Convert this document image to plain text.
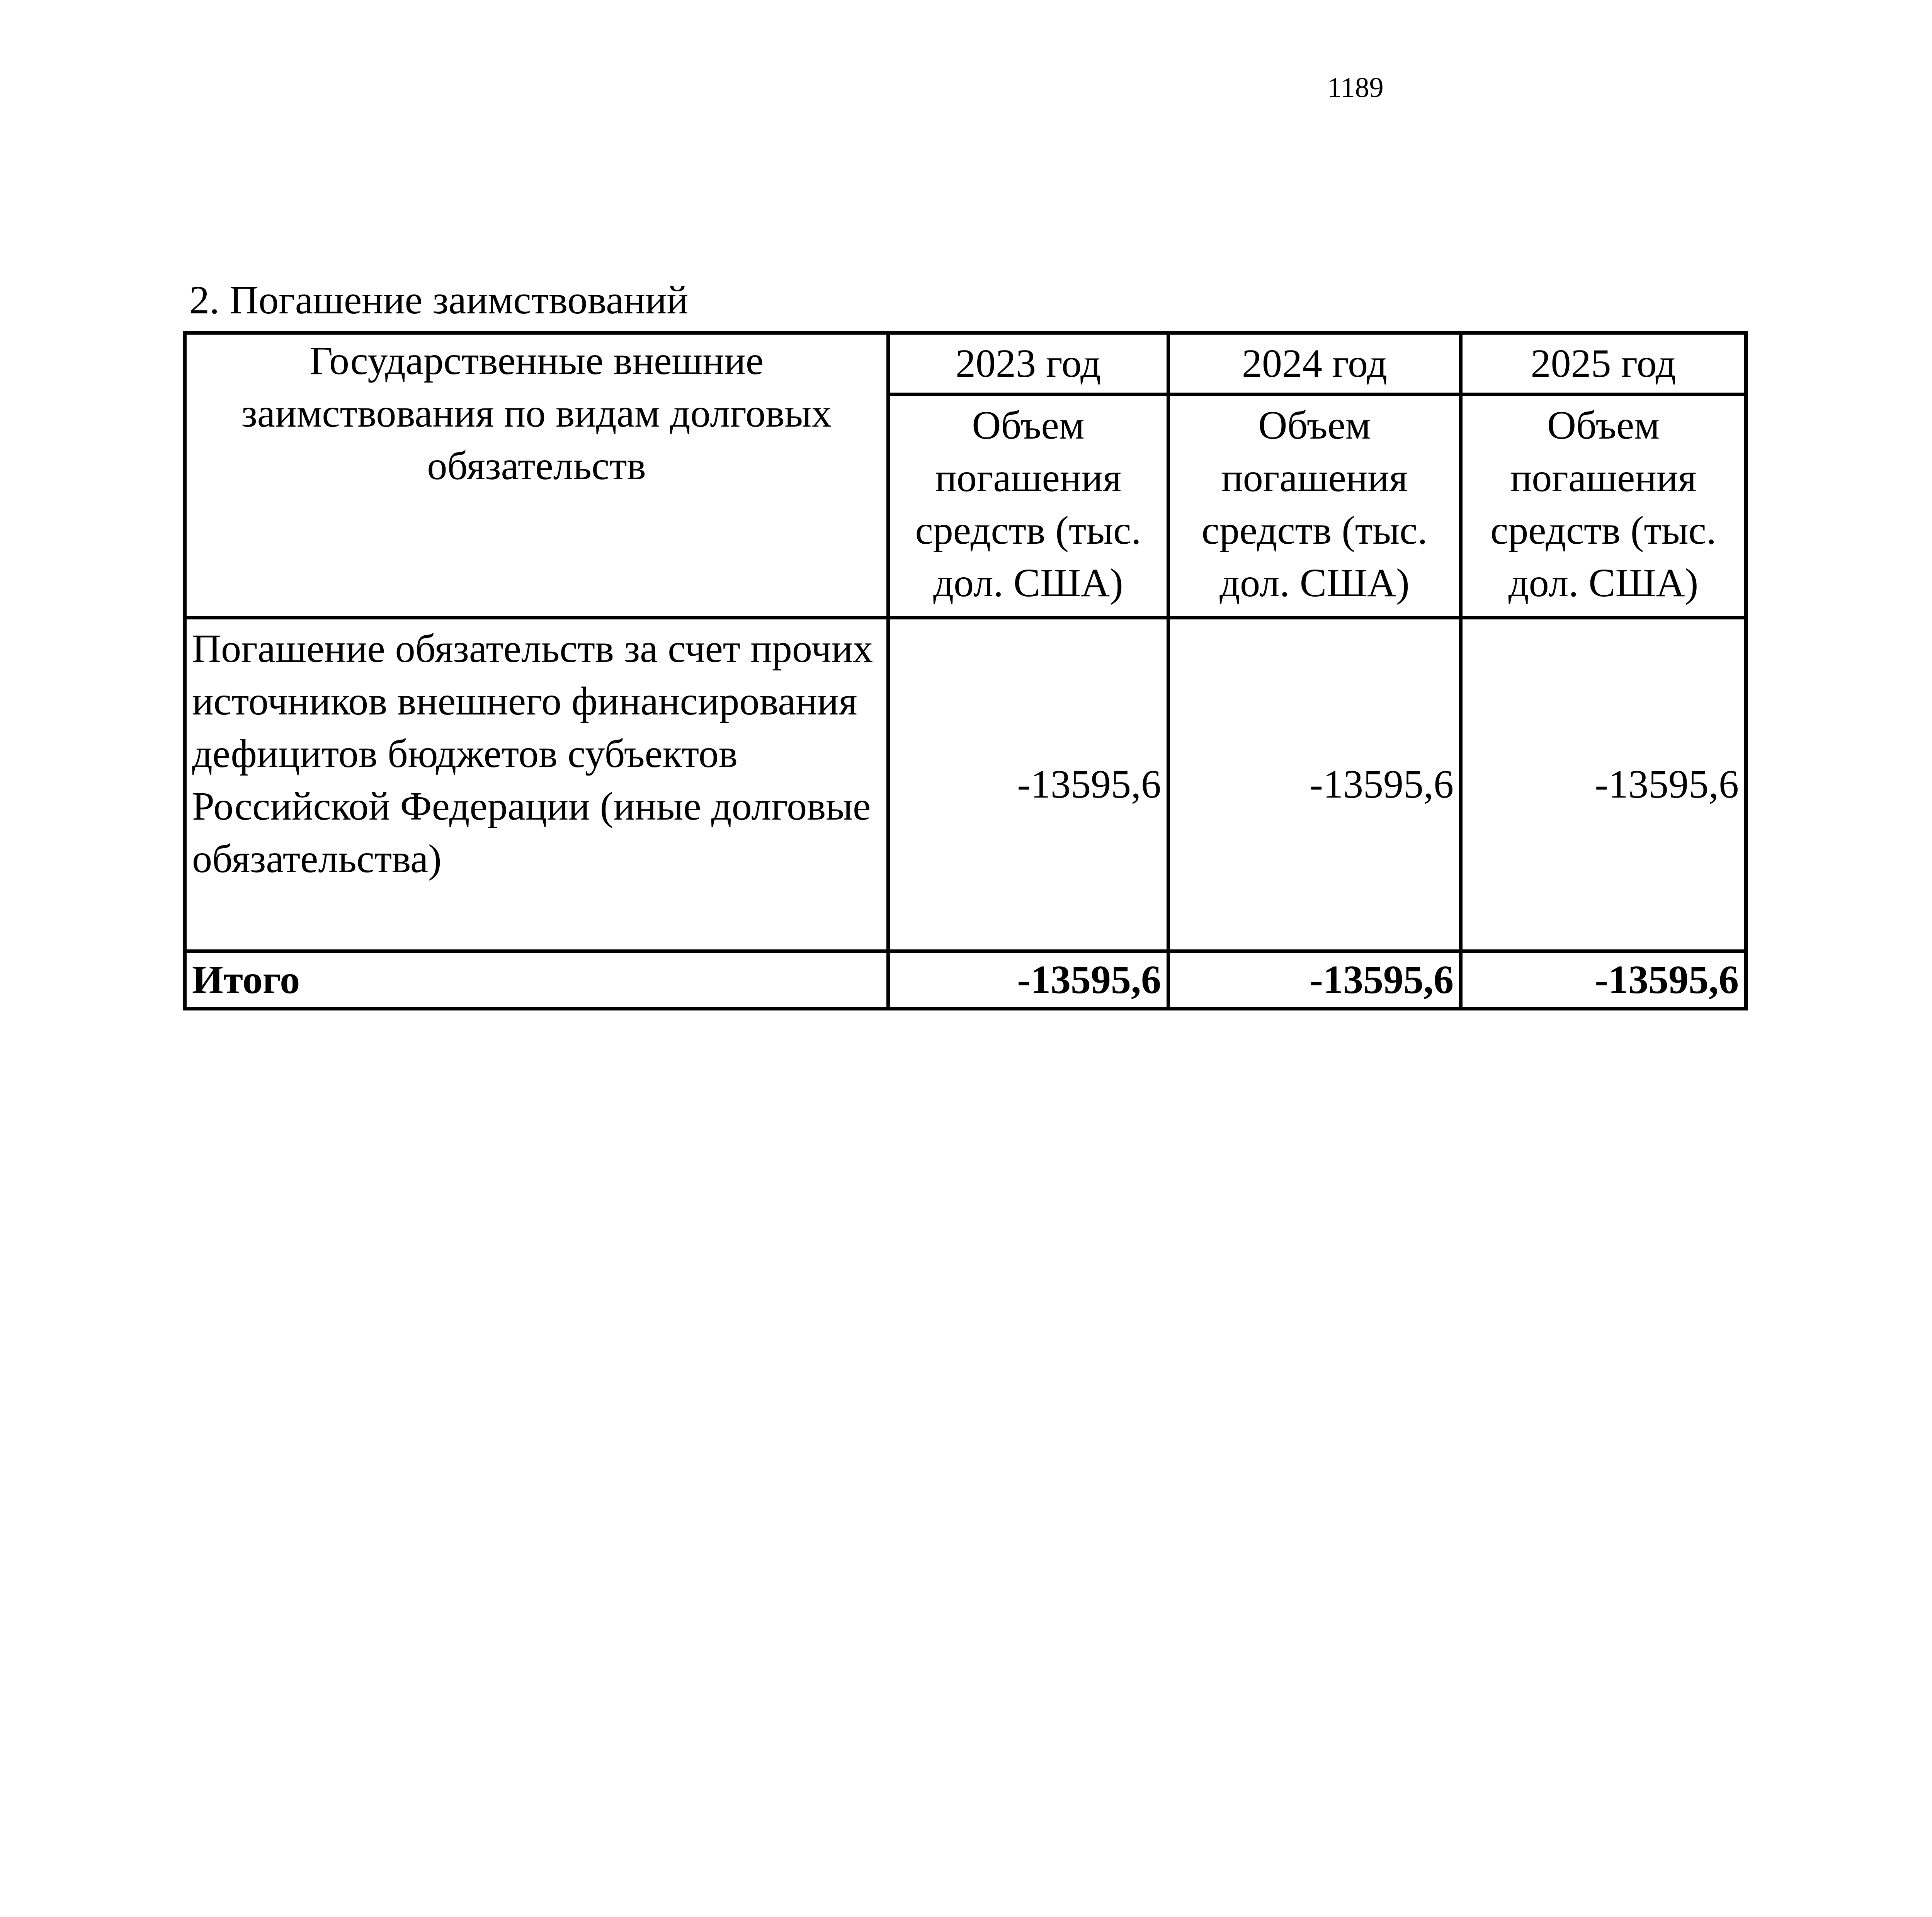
1189
2. Погашение заимствований
Государственные внешние заимствования по видам долговых обязательств	2023 год	2024 год	2025 год
	Объем погашения средств (тыс. дол. США)	Объем погашения средств (тыс. дол. США)	Объем погашения средств (тыс. дол. США)
Погашение обязательств за счет прочих источников внешнего финансирования дефицитов бюджетов субъектов Российской Федерации (иные долговые обязательства)	-13595,6	-13595,6	-13595,6
Итого	-13595,6	-13595,6	-13595,6
